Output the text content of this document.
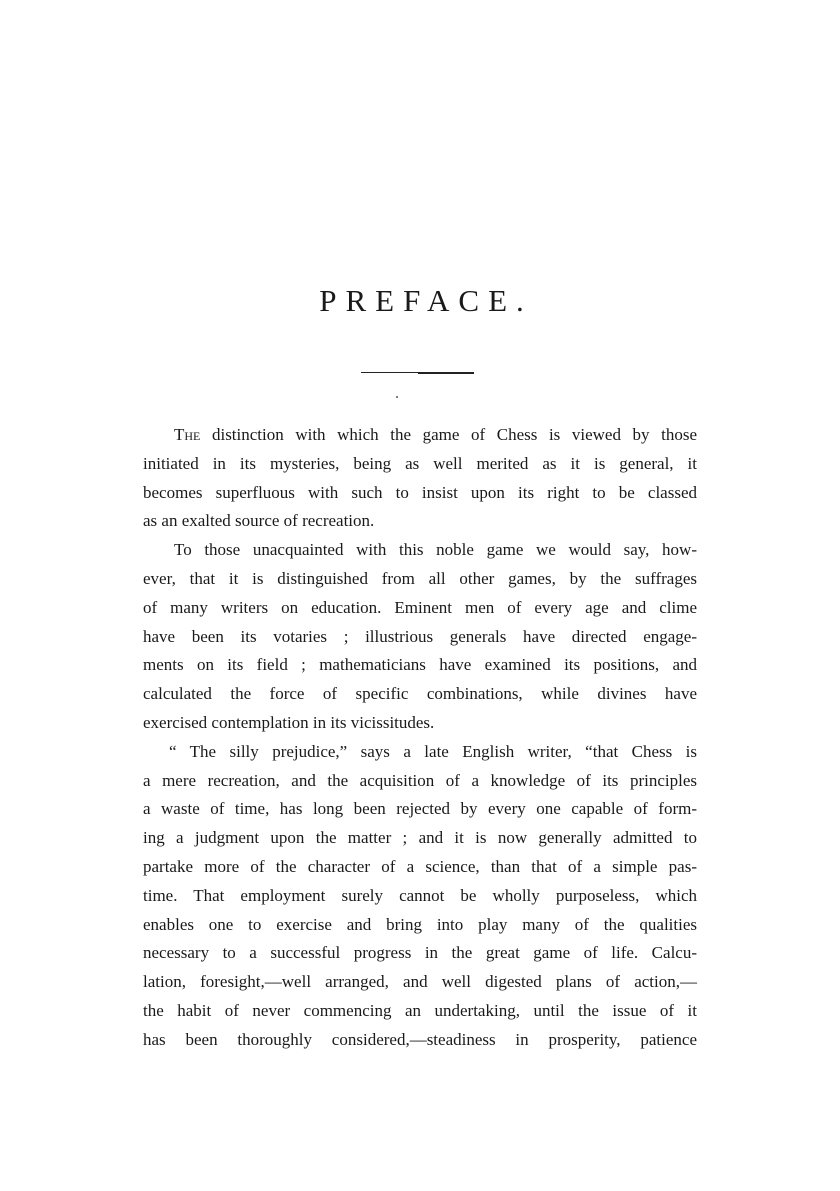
PREFACE.
The distinction with which the game of Chess is viewed by those
initiated in its mysteries, being as well merited as it is general, it
becomes superfluous with such to insist upon its right to be classed
as an exalted source of recreation.
To those unacquainted with this noble game we would say, how-
ever, that it is distinguished from all other games, by the suffrages
of many writers on education. Eminent men of every age and clime
have been its votaries ; illustrious generals have directed engage-
ments on its field ; mathematicians have examined its positions, and
calculated the force of specific combinations, while divines have
exercised contemplation in its vicissitudes.
“ The silly prejudice,” says a late English writer, “that Chess is
a mere recreation, and the acquisition of a knowledge of its principles
a waste of time, has long been rejected by every one capable of form-
ing a judgment upon the matter ; and it is now generally admitted to
partake more of the character of a science, than that of a simple pas-
time. That employment surely cannot be wholly purposeless, which
enables one to exercise and bring into play many of the qualities
necessary to a successful progress in the great game of life. Calcu-
lation, foresight,—well arranged, and well digested plans of action,—
the habit of never commencing an undertaking, until the issue of it
has been thoroughly considered,—steadiness in prosperity, patience
